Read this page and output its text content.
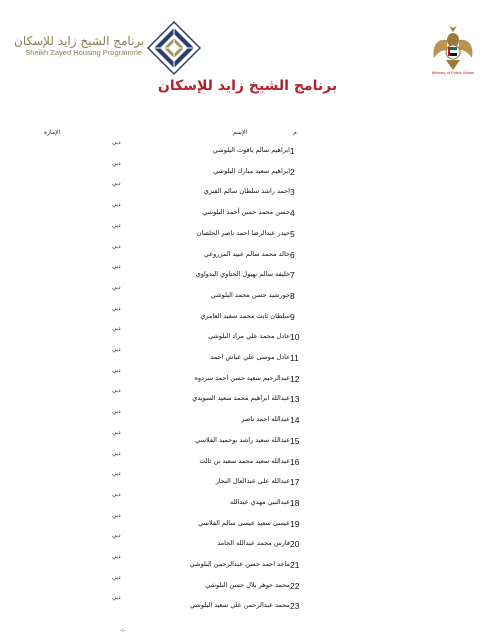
برنامج الشيخ زايد للإسكان
Sheikh Zayed Housing Programme
Ministry of Public Works
برنامج الشيخ زايد للإسكان
م
الإسم
الإمارة
دبي
ابراهيم سالم ياقوت البلوشي 1
دبي
ابراهيم سعيد مبارك البلوشي 2
دبي
احمد راشد سلطان سالم الفنزي 3
دبي
حسن محمد حسن أحمد البلوشي 4
دبي
حيدر عبدالرضا احمد ناصر الخلصان 5
دبي
خالد محمد سالم عبيد المزروعي 6
دبي
خليفه سالم نهيول الحتاوي البدواوي 7
دبي
خورشيد حسن محمد البلوشي 8
دبي
سلطان ثابت محمد سعيد العامري 9
دبي
عادل محمد علي مراد البلوشي 10
دبي
عادل موسى علي عياش احمد 11
دبي
عبدالرحيم سعيد حسن احمد سردوه 12
دبي
عبدالله ابراهيم محمد سعيد السويدي 13
دبي
عبدالله احمد ناصر 14
دبي
عبدالله سعيد راشد بوحميد الفلاسي 15
دبي
عبدالله سعيد محمد سعيد بن ثالث 16
دبي
عبدالله علي عبدالعال النجار 17
دبي
عبدالنبي مهدي عبدالله 18
دبي
عيسى سعيد عيسى سالم الفلاسي 19
دبي
فارس محمد عبدالله الحامد 20
دبي
ماجد احمد حسن عبدالرحمن البلوشي 21
دبي
محمد جوهر بلال حسن البلوشي 22
دبي
محمد عبدالرحمن علي سعيد البلوشي 23
-١-
